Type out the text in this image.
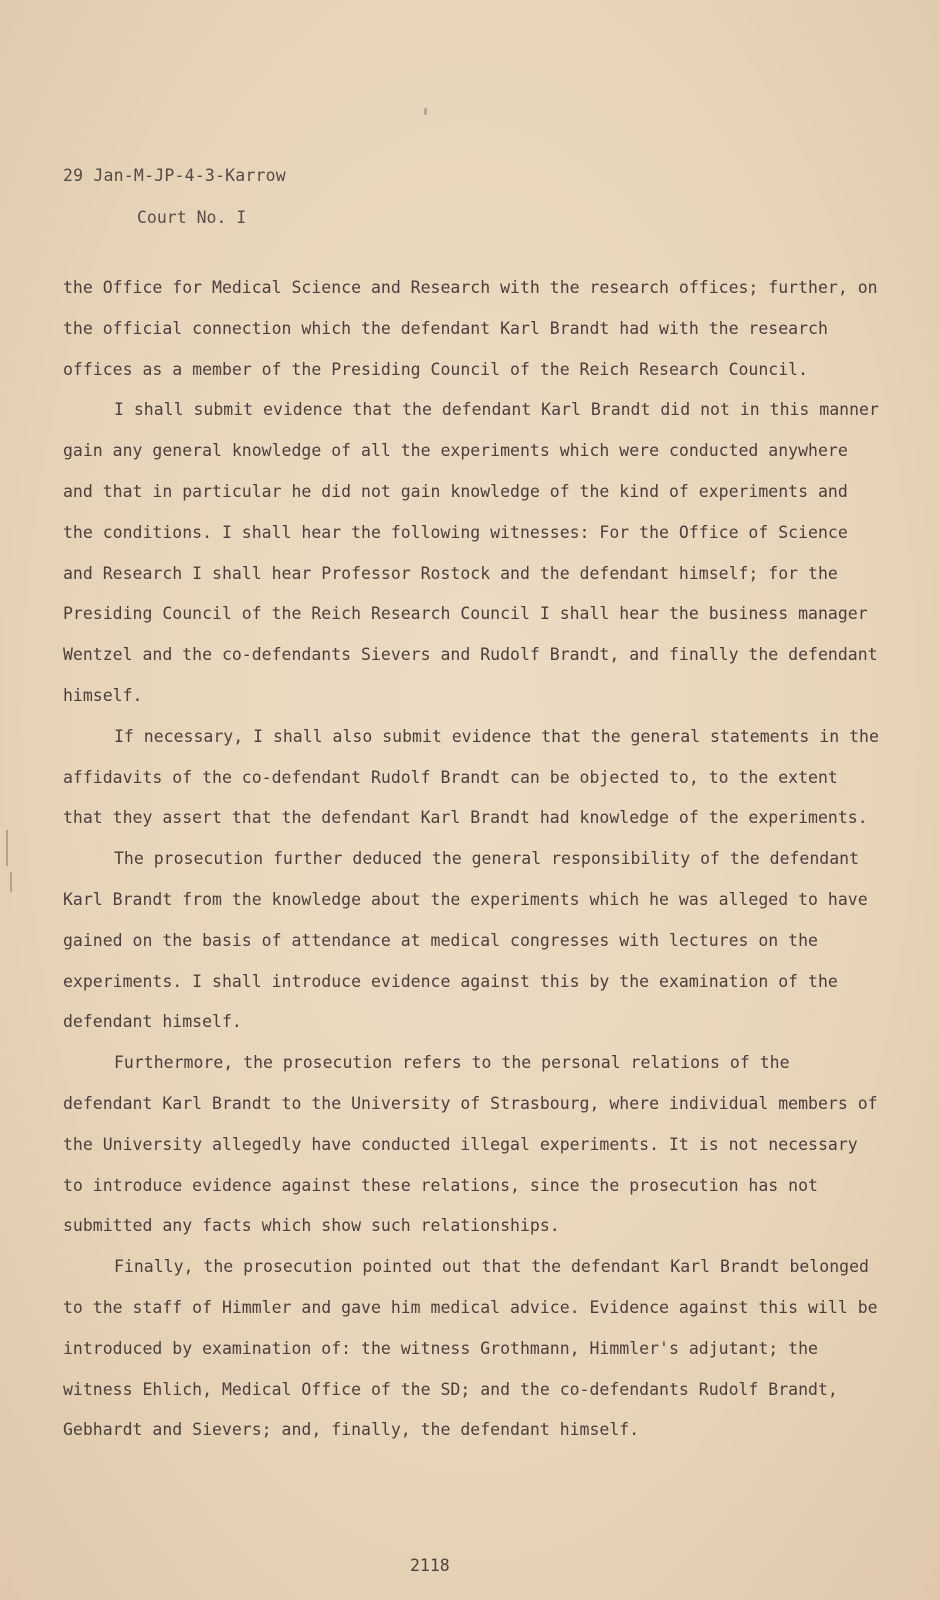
29 Jan-M-JP-4-3-Karrow
Court No. I

the Office for Medical Science and Research with the research offices; further, on the official connection which the defendant Karl Brandt had with the research offices as a member of the Presiding Council of the Reich Research Council.

I shall submit evidence that the defendant Karl Brandt did not in this manner gain any general knowledge of all the experiments which were conducted anywhere and that in particular he did not gain knowledge of the kind of experiments and the conditions. I shall hear the following witnesses: For the Office of Science and Research I shall hear Professor Rostock and the defendant himself; for the Presiding Council of the Reich Research Council I shall hear the business manager Wentzel and the co-defendants Sievers and Rudolf Brandt, and finally the defendant himself.

If necessary, I shall also submit evidence that the general statements in the affidavits of the co-defendant Rudolf Brandt can be objected to, to the extent that they assert that the defendant Karl Brandt had knowledge of the experiments.

The prosecution further deduced the general responsibility of the defendant Karl Brandt from the knowledge about the experiments which he was alleged to have gained on the basis of attendance at medical congresses with lectures on the experiments. I shall introduce evidence against this by the examination of the defendant himself.

Furthermore, the prosecution refers to the personal relations of the defendant Karl Brandt to the University of Strasbourg, where individual members of the University allegedly have conducted illegal experiments. It is not necessary to introduce evidence against these relations, since the prosecution has not submitted any facts which show such relationships.

Finally, the prosecution pointed out that the defendant Karl Brandt belonged to the staff of Himmler and gave him medical advice. Evidence against this will be introduced by examination of: the witness Grothmann, Himmler's adjutant; the witness Ehlich, Medical Office of the SD; and the co-defendants Rudolf Brandt, Gebhardt and Sievers; and, finally, the defendant himself.

2118
